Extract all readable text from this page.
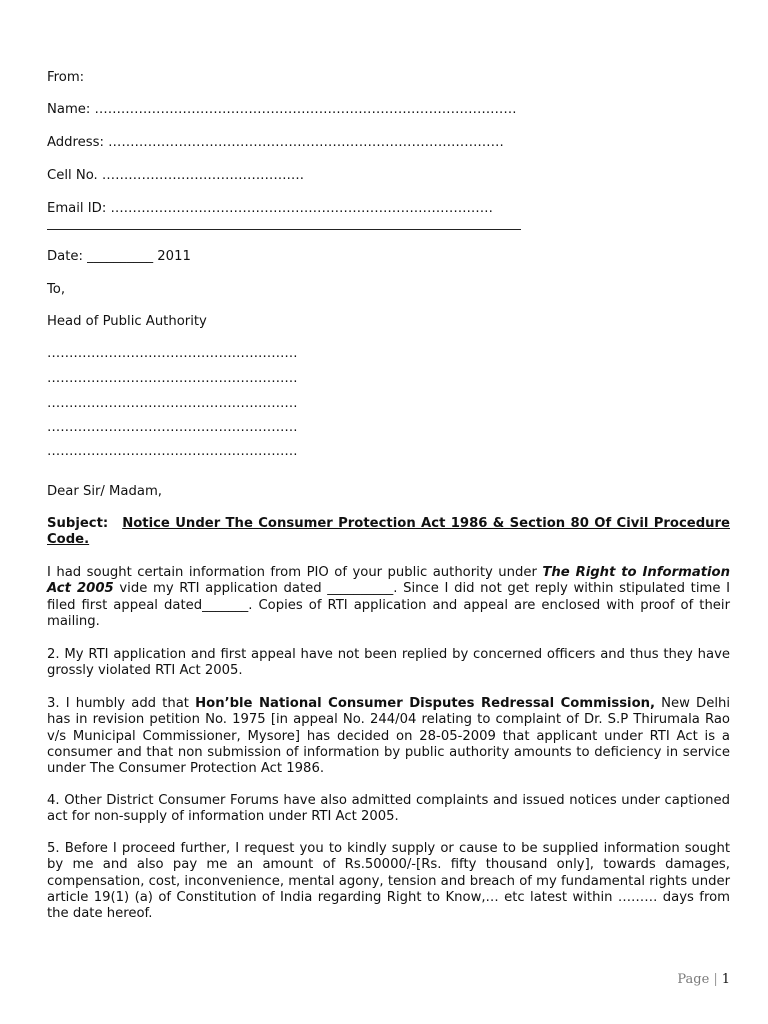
From:
Name: ……………………………………………………………………………………
Address: ………………………………………………………………………………
Cell No. ……………………………………….
Email ID: ……………………………………………………………………………
Date: __________ 2011
To,
Head of Public Authority
…………………………………………………
…………………………………………………
…………………………………………………
…………………………………………………
…………………………………………………
Dear Sir/ Madam,
Subject: Notice Under The Consumer Protection Act 1986 & Section 80 Of Civil Procedure Code.
I had sought certain information from PIO of your public authority under The Right to Information Act 2005 vide my RTI application dated __________. Since I did not get reply within stipulated time I filed first appeal dated_______. Copies of RTI application and appeal are enclosed with proof of their mailing.
2. My RTI application and first appeal have not been replied by concerned officers and thus they have grossly violated RTI Act 2005.
3. I humbly add that Hon’ble National Consumer Disputes Redressal Commission, New Delhi has in revision petition No. 1975 [in appeal No. 244/04 relating to complaint of Dr. S.P Thirumala Rao v/s Municipal Commissioner, Mysore] has decided on 28-05-2009 that applicant under RTI Act is a consumer and that non submission of information by public authority amounts to deficiency in service under The Consumer Protection Act 1986.
4. Other District Consumer Forums have also admitted complaints and issued notices under captioned act for non-supply of information under RTI Act 2005.
5. Before I proceed further, I request you to kindly supply or cause to be supplied information sought by me and also pay me an amount of Rs.50000/-[Rs. fifty thousand only], towards damages, compensation, cost, inconvenience, mental agony, tension and breach of my fundamental rights under article 19(1) (a) of Constitution of India regarding Right to Know,… etc latest within ……… days from the date hereof.
Page | 1
